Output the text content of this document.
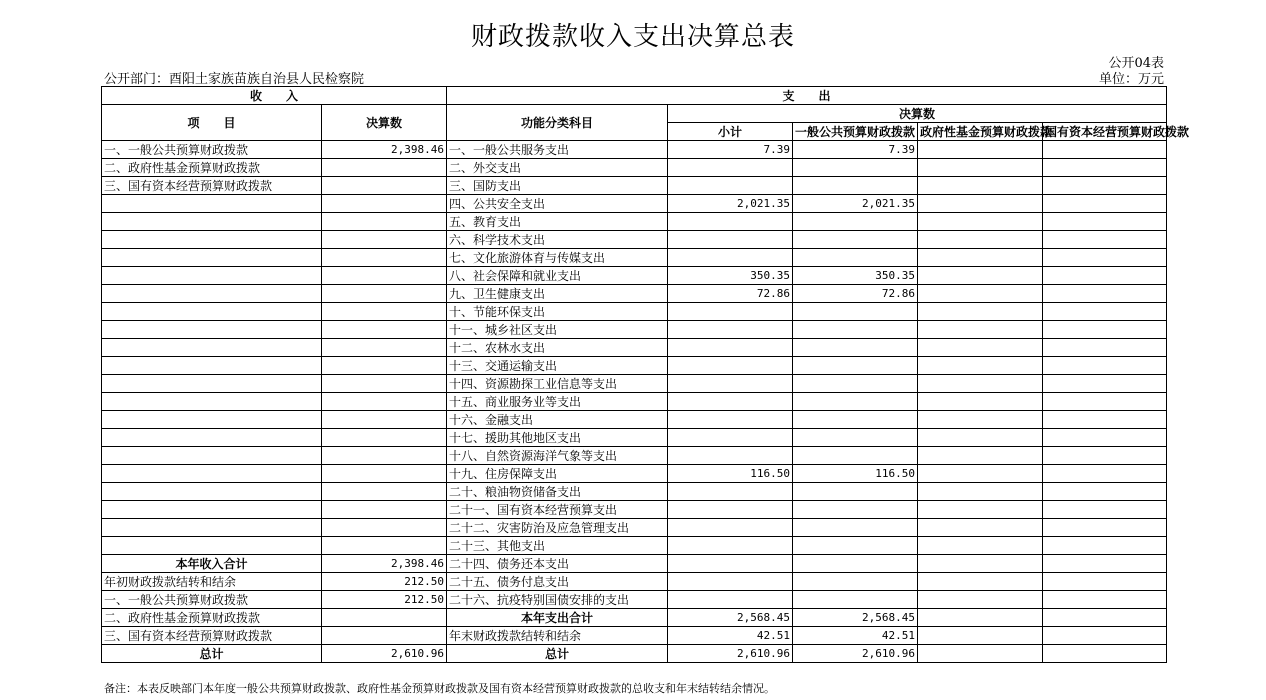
财政拨款收入支出决算总表
公开04表
公开部门：酉阳土家族苗族自治县人民检察院	单位：万元
收　　入		支　　出				
项　　目	决算数	功能分类科目	决算数			
			小计	一般公共预算财政拨款	政府性基金预算财政拨款	国有资本经营预算财政拨款

一、一般公共预算财政拨款	2,398.46	一、一般公共服务支出	7.39	7.39		
二、政府性基金预算财政拨款		二、外交支出				
三、国有资本经营预算财政拨款		三、国防支出				
		四、公共安全支出	2,021.35	2,021.35		
		五、教育支出				
		六、科学技术支出				
		七、文化旅游体育与传媒支出				
		八、社会保障和就业支出	350.35	350.35		
		九、卫生健康支出	72.86	72.86		
		十、节能环保支出				
		十一、城乡社区支出				
		十二、农林水支出				
		十三、交通运输支出				
		十四、资源勘探工业信息等支出				
		十五、商业服务业等支出				
		十六、金融支出				
		十七、援助其他地区支出				
		十八、自然资源海洋气象等支出				
		十九、住房保障支出	116.50	116.50		
		二十、粮油物资储备支出				
		二十一、国有资本经营预算支出				
		二十二、灾害防治及应急管理支出				
		二十三、其他支出				
本年收入合计	2,398.46	二十四、债务还本支出				
年初财政拨款结转和结余	212.50	二十五、债务付息支出				
一、一般公共预算财政拨款	212.50	二十六、抗疫特别国债安排的支出				
二、政府性基金预算财政拨款		本年支出合计	2,568.45	2,568.45		
三、国有资本经营预算财政拨款		年末财政拨款结转和结余	42.51	42.51		
总计	2,610.96	总计	2,610.96	2,610.96		
备注：本表反映部门本年度一般公共预算财政拨款、政府性基金预算财政拨款及国有资本经营预算财政拨款的总收支和年末结转结余情况。
